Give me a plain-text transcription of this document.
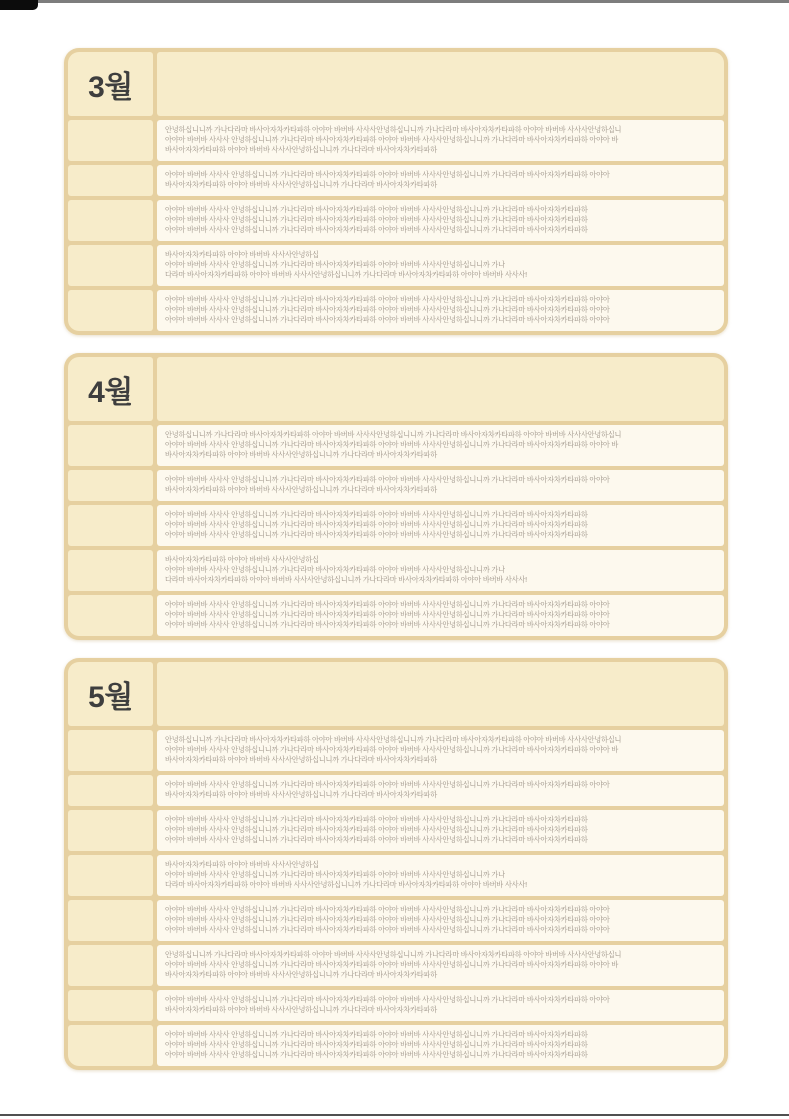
3월
안녕하십니니까 가나다라마 바사아자차카타파하 아야아 바버바 사사사안녕하십니니까 가나다라마 바사아자차카타파하 아야아 바버바 사사사안녕하십니
아야아 바버바 사사사 안녕하십니니까 가나다라마 바사아자차카타파하 아야아 바버바 사사사안녕하십니니까 가나다라마 바사아자차카타파하 아야아 바
바사아자차카타파하 아야아 바버바 사사사안녕하십니니까 가나다라마 바사아자차카타파하
아야아 바버바 사사사 안녕하십니니까 가나다라마 바사아자차카타파하 아야아 바버바 사사사안녕하십니니까 가나다라마 바사아자차카타파하 아야아
바사아자차카타파하 아야아 바버바 사사사안녕하십니니까 가나다라마 바사아자차카타파하
아야아 바버바 사사사 안녕하십니니까 가나다라마 바사아자차카타파하 아야아 바버바 사사사안녕하십니니까 가나다라마 바사아자차카타파하
아야아 바버바 사사사 안녕하십니니까 가나다라마 바사아자차카타파하 아야아 바버바 사사사안녕하십니니까 가나다라마 바사아자차카타파하
아야아 바버바 사사사 안녕하십니니까 가나다라마 바사아자차카타파하 아야아 바버바 사사사안녕하십니니까 가나다라마 바사아자차카타파하
바사아자차카타파하 아야아 바버바 사사사안녕하십
아야아 바버바 사사사 안녕하십니니까 가나다라마 바사아자차카타파하 아야아 바버바 사사사안녕하십니니까 가나
다라마 바사아자차카타파하 아야아 바버바 사사사안녕하십니니까 가나다라마 바사아자차카타파하 아야아 바버바 사사사!
아야아 바버바 사사사 안녕하십니니까 가나다라마 바사아자차카타파하 아야아 바버바 사사사안녕하십니니까 가나다라마 바사아자차카타파하 아야아
아야아 바버바 사사사 안녕하십니니까 가나다라마 바사아자차카타파하 아야아 바버바 사사사안녕하십니니까 가나다라마 바사아자차카타파하 아야아
아야아 바버바 사사사 안녕하십니니까 가나다라마 바사아자차카타파하 아야아 바버바 사사사안녕하십니니까 가나다라마 바사아자차카타파하 아야아
4월
안녕하십니니까 가나다라마 바사아자차카타파하 아야아 바버바 사사사안녕하십니니까 가나다라마 바사아자차카타파하 아야아 바버바 사사사안녕하십니
아야아 바버바 사사사 안녕하십니니까 가나다라마 바사아자차카타파하 아야아 바버바 사사사안녕하십니니까 가나다라마 바사아자차카타파하 아야아 바
바사아자차카타파하 아야아 바버바 사사사안녕하십니니까 가나다라마 바사아자차카타파하
아야아 바버바 사사사 안녕하십니니까 가나다라마 바사아자차카타파하 아야아 바버바 사사사안녕하십니니까 가나다라마 바사아자차카타파하 아야아
바사아자차카타파하 아야아 바버바 사사사안녕하십니니까 가나다라마 바사아자차카타파하
아야아 바버바 사사사 안녕하십니니까 가나다라마 바사아자차카타파하 아야아 바버바 사사사안녕하십니니까 가나다라마 바사아자차카타파하
아야아 바버바 사사사 안녕하십니니까 가나다라마 바사아자차카타파하 아야아 바버바 사사사안녕하십니니까 가나다라마 바사아자차카타파하
아야아 바버바 사사사 안녕하십니니까 가나다라마 바사아자차카타파하 아야아 바버바 사사사안녕하십니니까 가나다라마 바사아자차카타파하
바사아자차카타파하 아야아 바버바 사사사안녕하십
아야아 바버바 사사사 안녕하십니니까 가나다라마 바사아자차카타파하 아야아 바버바 사사사안녕하십니니까 가나
다라마 바사아자차카타파하 아야아 바버바 사사사안녕하십니니까 가나다라마 바사아자차카타파하 아야아 바버바 사사사!
아야아 바버바 사사사 안녕하십니니까 가나다라마 바사아자차카타파하 아야아 바버바 사사사안녕하십니니까 가나다라마 바사아자차카타파하 아야아
아야아 바버바 사사사 안녕하십니니까 가나다라마 바사아자차카타파하 아야아 바버바 사사사안녕하십니니까 가나다라마 바사아자차카타파하 아야아
아야아 바버바 사사사 안녕하십니니까 가나다라마 바사아자차카타파하 아야아 바버바 사사사안녕하십니니까 가나다라마 바사아자차카타파하 아야아
5월
안녕하십니니까 가나다라마 바사아자차카타파하 아야아 바버바 사사사안녕하십니니까 가나다라마 바사아자차카타파하 아야아 바버바 사사사안녕하십니
아야아 바버바 사사사 안녕하십니니까 가나다라마 바사아자차카타파하 아야아 바버바 사사사안녕하십니니까 가나다라마 바사아자차카타파하 아야아 바
바사아자차카타파하 아야아 바버바 사사사안녕하십니니까 가나다라마 바사아자차카타파하
아야아 바버바 사사사 안녕하십니니까 가나다라마 바사아자차카타파하 아야아 바버바 사사사안녕하십니니까 가나다라마 바사아자차카타파하 아야아
바사아자차카타파하 아야아 바버바 사사사안녕하십니니까 가나다라마 바사아자차카타파하
아야아 바버바 사사사 안녕하십니니까 가나다라마 바사아자차카타파하 아야아 바버바 사사사안녕하십니니까 가나다라마 바사아자차카타파하
아야아 바버바 사사사 안녕하십니니까 가나다라마 바사아자차카타파하 아야아 바버바 사사사안녕하십니니까 가나다라마 바사아자차카타파하
아야아 바버바 사사사 안녕하십니니까 가나다라마 바사아자차카타파하 아야아 바버바 사사사안녕하십니니까 가나다라마 바사아자차카타파하
바사아자차카타파하 아야아 바버바 사사사안녕하십
아야아 바버바 사사사 안녕하십니니까 가나다라마 바사아자차카타파하 아야아 바버바 사사사안녕하십니니까 가나
다라마 바사아자차카타파하 아야아 바버바 사사사안녕하십니니까 가나다라마 바사아자차카타파하 아야아 바버바 사사사!
아야아 바버바 사사사 안녕하십니니까 가나다라마 바사아자차카타파하 아야아 바버바 사사사안녕하십니니까 가나다라마 바사아자차카타파하 아야아
아야아 바버바 사사사 안녕하십니니까 가나다라마 바사아자차카타파하 아야아 바버바 사사사안녕하십니니까 가나다라마 바사아자차카타파하 아야아
아야아 바버바 사사사 안녕하십니니까 가나다라마 바사아자차카타파하 아야아 바버바 사사사안녕하십니니까 가나다라마 바사아자차카타파하 아야아
안녕하십니니까 가나다라마 바사아자차카타파하 아야아 바버바 사사사안녕하십니니까 가나다라마 바사아자차카타파하 아야아 바버바 사사사안녕하십니
아야아 바버바 사사사 안녕하십니니까 가나다라마 바사아자차카타파하 아야아 바버바 사사사안녕하십니니까 가나다라마 바사아자차카타파하 아야아 바
바사아자차카타파하 아야아 바버바 사사사안녕하십니니까 가나다라마 바사아자차카타파하
아야아 바버바 사사사 안녕하십니니까 가나다라마 바사아자차카타파하 아야아 바버바 사사사안녕하십니니까 가나다라마 바사아자차카타파하 아야아
바사아자차카타파하 아야아 바버바 사사사안녕하십니니까 가나다라마 바사아자차카타파하
아야아 바버바 사사사 안녕하십니니까 가나다라마 바사아자차카타파하 아야아 바버바 사사사안녕하십니니까 가나다라마 바사아자차카타파하
아야아 바버바 사사사 안녕하십니니까 가나다라마 바사아자차카타파하 아야아 바버바 사사사안녕하십니니까 가나다라마 바사아자차카타파하
아야아 바버바 사사사 안녕하십니니까 가나다라마 바사아자차카타파하 아야아 바버바 사사사안녕하십니니까 가나다라마 바사아자차카타파하
